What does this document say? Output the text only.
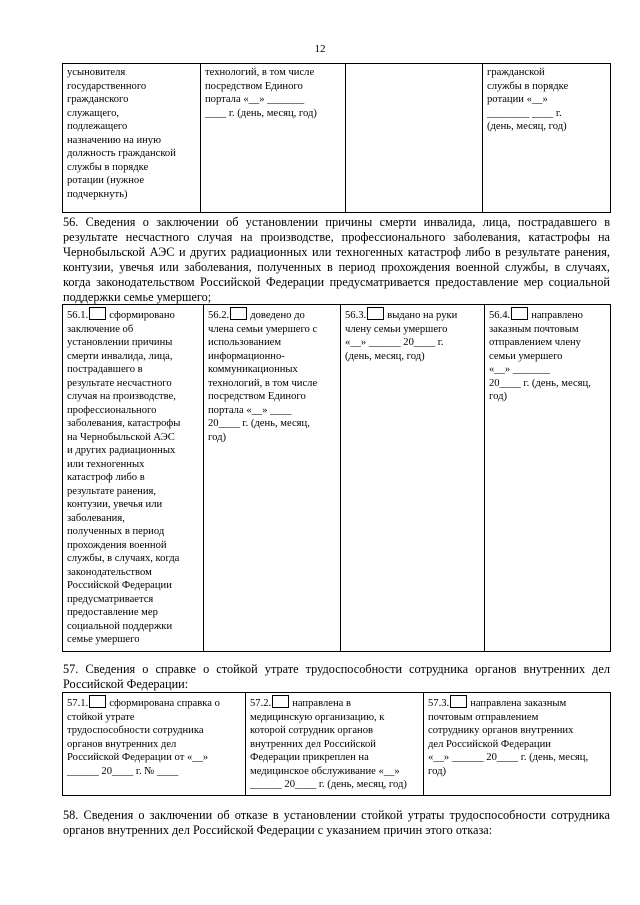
12
усыновителя
государственного
гражданского
служащего,
подлежащего
назначению на иную
должность гражданской
службы в порядке
ротации (нужное
подчеркнуть)	технологий, в том числе
посредством Единого
портала «__» _______
____ г. (день, месяц, год)		гражданской
службы в порядке
ротации «__»
________ ____ г.
(день, месяц, год)
56. Сведения о заключении об установлении причины смерти инвалида, лица, пострадавшего в результате несчастного случая на производстве, профессионального заболевания, катастрофы на Чернобыльской АЭС и других радиационных или техногенных катастроф либо в результате ранения, контузии, увечья или заболевания, полученных в период прохождения военной службы, в случаях, когда законодательством Российской Федерации предусматривается предоставление мер социальной поддержки семье умершего;
56.1. сформировано
заключение об
установлении причины
смерти инвалида, лица,
пострадавшего в
результате несчастного
случая на производстве,
профессионального
заболевания, катастрофы
на Чернобыльской АЭС
и других радиационных
или техногенных
катастроф либо в
результате ранения,
контузии, увечья или
заболевания,
полученных в период
прохождения военной
службы, в случаях, когда
законодательством
Российской Федерации
предусматривается
предоставление мер
социальной поддержки
семье умершего	56.2. доведено до
члена семьи умершего с
использованием
информационно-
коммуникационных
технологий, в том числе
посредством Единого
портала «__» ____
20____ г. (день, месяц,
год)	56.3. выдано на руки
члену семьи умершего
«__» ______ 20____ г.
(день, месяц, год)	56.4. направлено
заказным почтовым
отправлением члену
семьи умершего
«__» _______
20____ г. (день, месяц,
год)
57. Сведения о справке о стойкой утрате трудоспособности сотрудника органов внутренних дел Российской Федерации:
57.1. сформирована справка о
стойкой утрате
трудоспособности сотрудника
органов внутренних дел
Российской Федерации от «__»
______ 20____ г. № ____	57.2. направлена в
медицинскую организацию, к
которой сотрудник органов
внутренних дел Российской
Федерации прикреплен на
медицинское обслуживание «__»
______ 20____ г. (день, месяц, год)	57.3. направлена заказным
почтовым отправлением
сотруднику органов внутренних
дел Российской Федерации
«__» ______ 20____ г. (день, месяц,
год)
58. Сведения о заключении об отказе в установлении стойкой утраты трудоспособности сотрудника органов внутренних дел Российской Федерации с указанием причин этого отказа:
